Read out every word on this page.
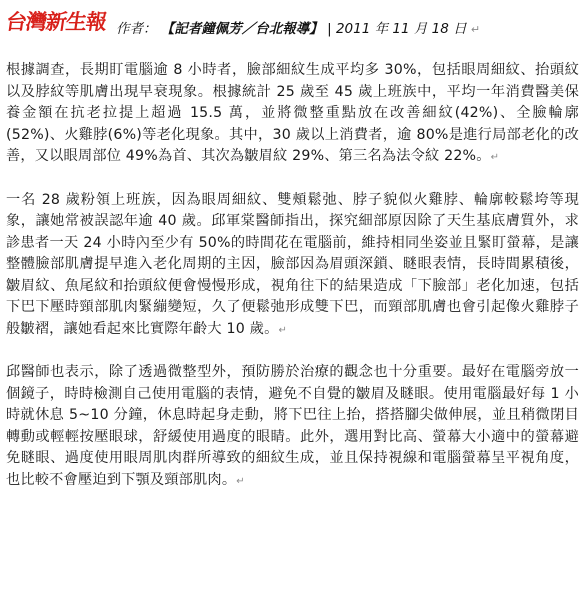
台灣新生報 作者： 【記者鐘佩芳／台北報導】 | 2011 年 11 月 18 日 ↵

根據調查，長期盯電腦逾 8 小時者，臉部細紋生成平均多 30%，包括眼周細紋、抬頭紋以及脖紋等肌膚出現早衰現象。根據統計 25 歲至 45 歲上班族中，平均一年消費醫美保養金額在抗老拉提上超過 15.5 萬，並將微整重點放在改善細紋(42%)、全臉輪廓(52%)、火雞脖(6%)等老化現象。其中，30 歲以上消費者，逾 80%是進行局部老化的改善，又以眼周部位 49%為首、其次為皺眉紋 29%、第三名為法令紋 22%。↵

一名 28 歲粉領上班族，因為眼周細紋、雙頰鬆弛、脖子貌似火雞脖、輪廓較鬆垮等現象，讓她常被誤認年逾 40 歲。邱軍棠醫師指出，探究細部原因除了天生基底膚質外，求診患者一天 24 小時內至少有 50%的時間花在電腦前，維持相同坐姿並且緊盯螢幕，是讓整體臉部肌膚提早進入老化周期的主因，臉部因為眉頭深鎖、瞇眼表情，長時間累積後，皺眉紋、魚尾紋和抬頭紋便會慢慢形成，視角往下的結果造成「下臉部」老化加速，包括下巴下壓時頸部肌肉緊繃變短，久了便鬆弛形成雙下巴，而頸部肌膚也會引起像火雞脖子般皺褶，讓她看起來比實際年齡大 10 歲。↵

邱醫師也表示，除了透過微整型外，預防勝於治療的觀念也十分重要。最好在電腦旁放一個鏡子，時時檢測自己使用電腦的表情，避免不自覺的皺眉及瞇眼。使用電腦最好每 1 小時就休息 5~10 分鐘，休息時起身走動，將下巴往上抬，搭搭腳尖做伸展，並且稍微閉目轉動或輕輕按壓眼球，舒緩使用過度的眼睛。此外，選用對比高、螢幕大小適中的螢幕避免瞇眼、過度使用眼周肌肉群所導致的細紋生成，並且保持視線和電腦螢幕呈平視角度，也比較不會壓迫到下顎及頸部肌肉。↵
